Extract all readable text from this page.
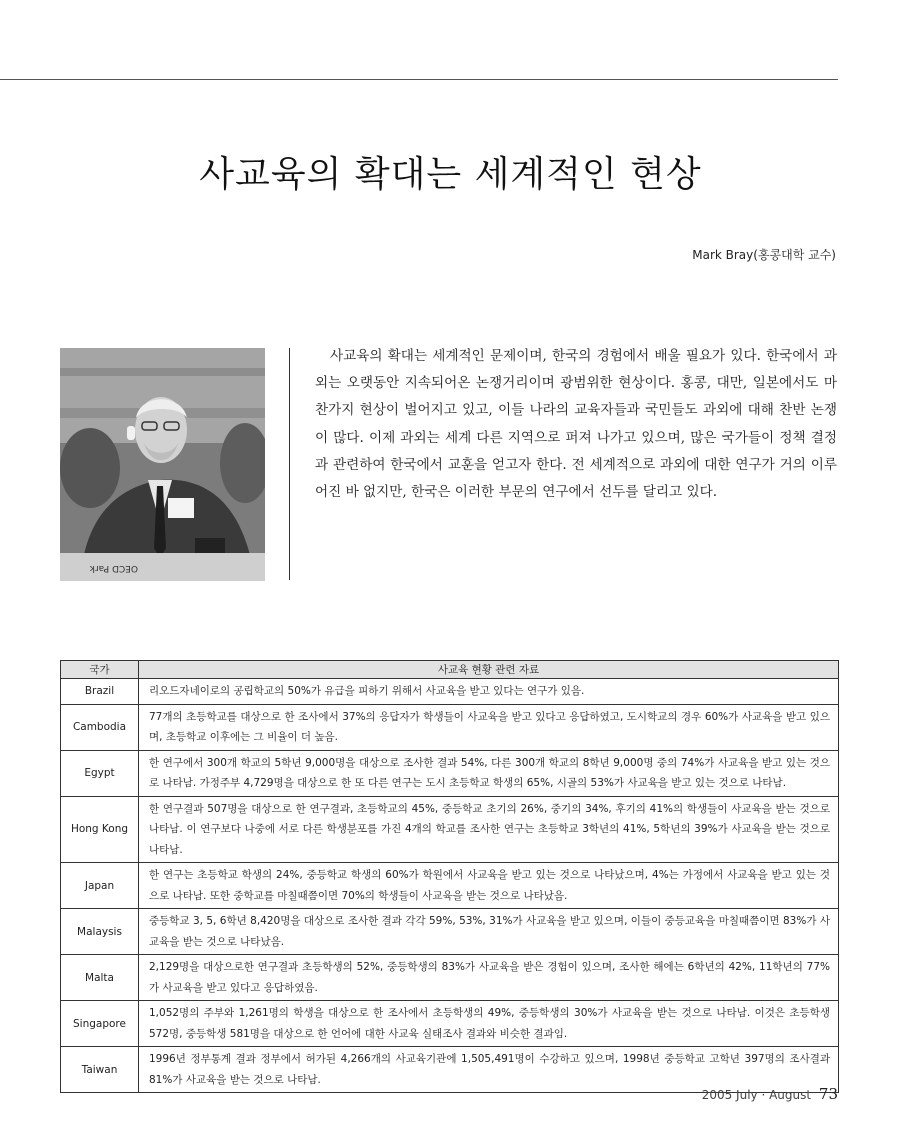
사교육의 확대는 세계적인 현상
Mark Bray(홍콩대학 교수)
OECD Park

사교육의 확대는 세계적인 문제이며, 한국의 경험에서 배울 필요가 있다. 한국에서 과외는 오랫동안 지속되어온 논쟁거리이며 광범위한 현상이다. 홍콩, 대만, 일본에서도 마찬가지 현상이 벌어지고 있고, 이들 나라의 교육자들과 국민들도 과외에 대해 찬반 논쟁이 많다. 이제 과외는 세계 다른 지역으로 퍼져 나가고 있으며, 많은 국가들이 정책 결정과 관련하여 한국에서 교훈을 얻고자 한다. 전 세계적으로 과외에 대한 연구가 거의 이루어진 바 없지만, 한국은 이러한 부문의 연구에서 선두를 달리고 있다.

국가	사교육 현황 관련 자료
Brazil	리오드자네이로의 공립학교의 50%가 유급을 피하기 위해서 사교육을 받고 있다는 연구가 있음.
Cambodia	77개의 초등학교를 대상으로 한 조사에서 37%의 응답자가 학생들이 사교육을 받고 있다고 응답하였고, 도시학교의 경우 60%가 사교육을 받고 있으며, 초등학교 이후에는 그 비율이 더 높음.
Egypt	한 연구에서 300개 학교의 5학년 9,000명을 대상으로 조사한 결과 54%, 다른 300개 학교의 8학년 9,000명 중의 74%가 사교육을 받고 있는 것으로 나타남. 가정주부 4,729명을 대상으로 한 또 다른 연구는 도시 초등학교 학생의 65%, 시골의 53%가 사교육을 받고 있는 것으로 나타남.
Hong Kong	한 연구결과 507명을 대상으로 한 연구결과, 초등학교의 45%, 중등학교 초기의 26%, 중기의 34%, 후기의 41%의 학생들이 사교육을 받는 것으로 나타남. 이 연구보다 나중에 서로 다른 학생분포를 가진 4개의 학교를 조사한 연구는 초등학교 3학년의 41%, 5학년의 39%가 사교육을 받는 것으로 나타남.
Japan	한 연구는 초등학교 학생의 24%, 중등학교 학생의 60%가 학원에서 사교육을 받고 있는 것으로 나타났으며, 4%는 가정에서 사교육을 받고 있는 것으로 나타남. 또한 중학교를 마칠때쯤이면 70%의 학생들이 사교육을 받는 것으로 나타났음.
Malaysis	중등학교 3, 5, 6학년 8,420명을 대상으로 조사한 결과 각각 59%, 53%, 31%가 사교육을 받고 있으며, 이들이 중등교육을 마칠때쯤이면 83%가 사교육을 받는 것으로 나타났음.
Malta	2,129명을 대상으로한 연구결과 초등학생의 52%, 중등학생의 83%가 사교육을 받은 경험이 있으며, 조사한 해에는 6학년의 42%, 11학년의 77%가 사교육을 받고 있다고 응답하였음.
Singapore	1,052명의 주부와 1,261명의 학생을 대상으로 한 조사에서 초등학생의 49%, 중등학생의 30%가 사교육을 받는 것으로 나타남. 이것은 초등학생 572명, 중등학생 581명을 대상으로 한 언어에 대한 사교육 실태조사 결과와 비슷한 결과임.
Taiwan	1996년 정부통계 결과 정부에서 허가된 4,266개의 사교육기관에 1,505,491명이 수강하고 있으며, 1998년 중등학교 고학년 397명의 조사결과 81%가 사교육을 받는 것으로 나타남.
2005 July · August 73
